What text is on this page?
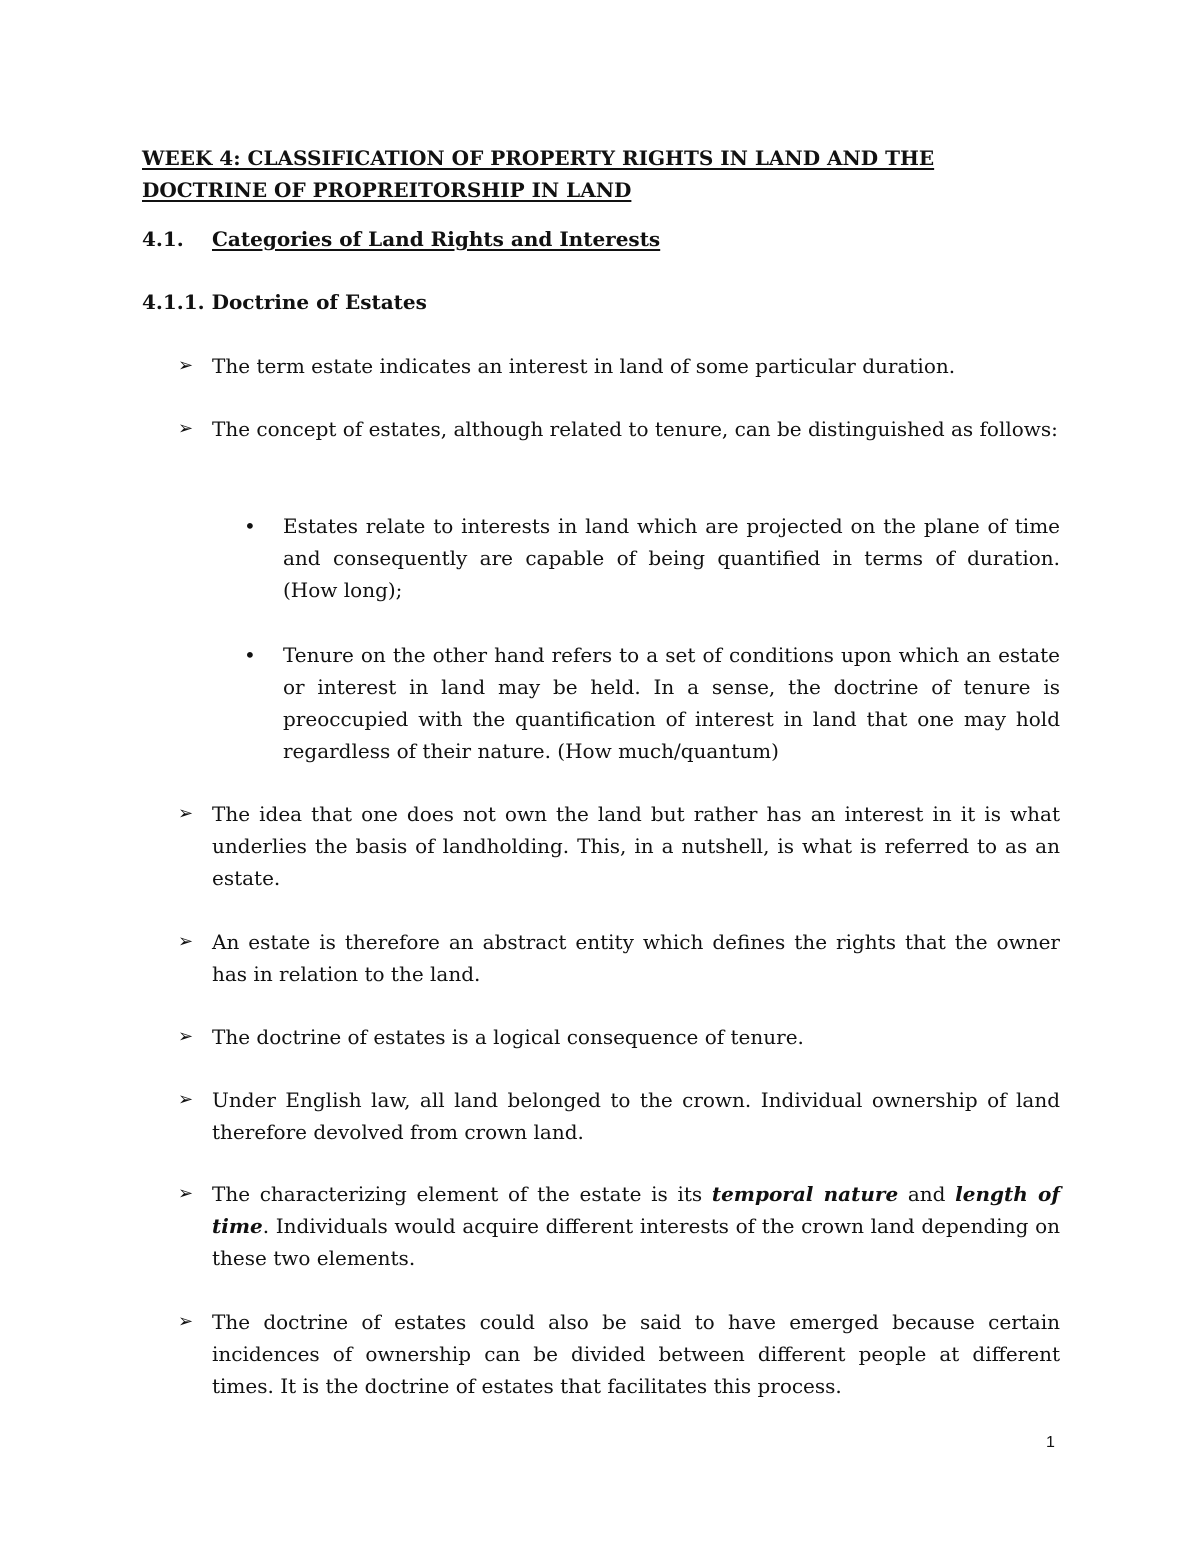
WEEK 4: CLASSIFICATION OF PROPERTY RIGHTS IN LAND AND THE DOCTRINE OF PROPREITORSHIP IN LAND
4.1. Categories of Land Rights and Interests
4.1.1. Doctrine of Estates
➢ The term estate indicates an interest in land of some particular duration.
➢ The concept of estates, although related to tenure, can be distinguished as follows:
• Estates relate to interests in land which are projected on the plane of time and consequently are capable of being quantified in terms of duration. (How long);
• Tenure on the other hand refers to a set of conditions upon which an estate or interest in land may be held. In a sense, the doctrine of tenure is preoccupied with the quantification of interest in land that one may hold regardless of their nature. (How much/quantum)
➢ The idea that one does not own the land but rather has an interest in it is what underlies the basis of landholding. This, in a nutshell, is what is referred to as an estate.
➢ An estate is therefore an abstract entity which defines the rights that the owner has in relation to the land.
➢ The doctrine of estates is a logical consequence of tenure.
➢ Under English law, all land belonged to the crown. Individual ownership of land therefore devolved from crown land.
➢ The characterizing element of the estate is its temporal nature and length of time. Individuals would acquire different interests of the crown land depending on these two elements.
➢ The doctrine of estates could also be said to have emerged because certain incidences of ownership can be divided between different people at different times. It is the doctrine of estates that facilitates this process.
1
